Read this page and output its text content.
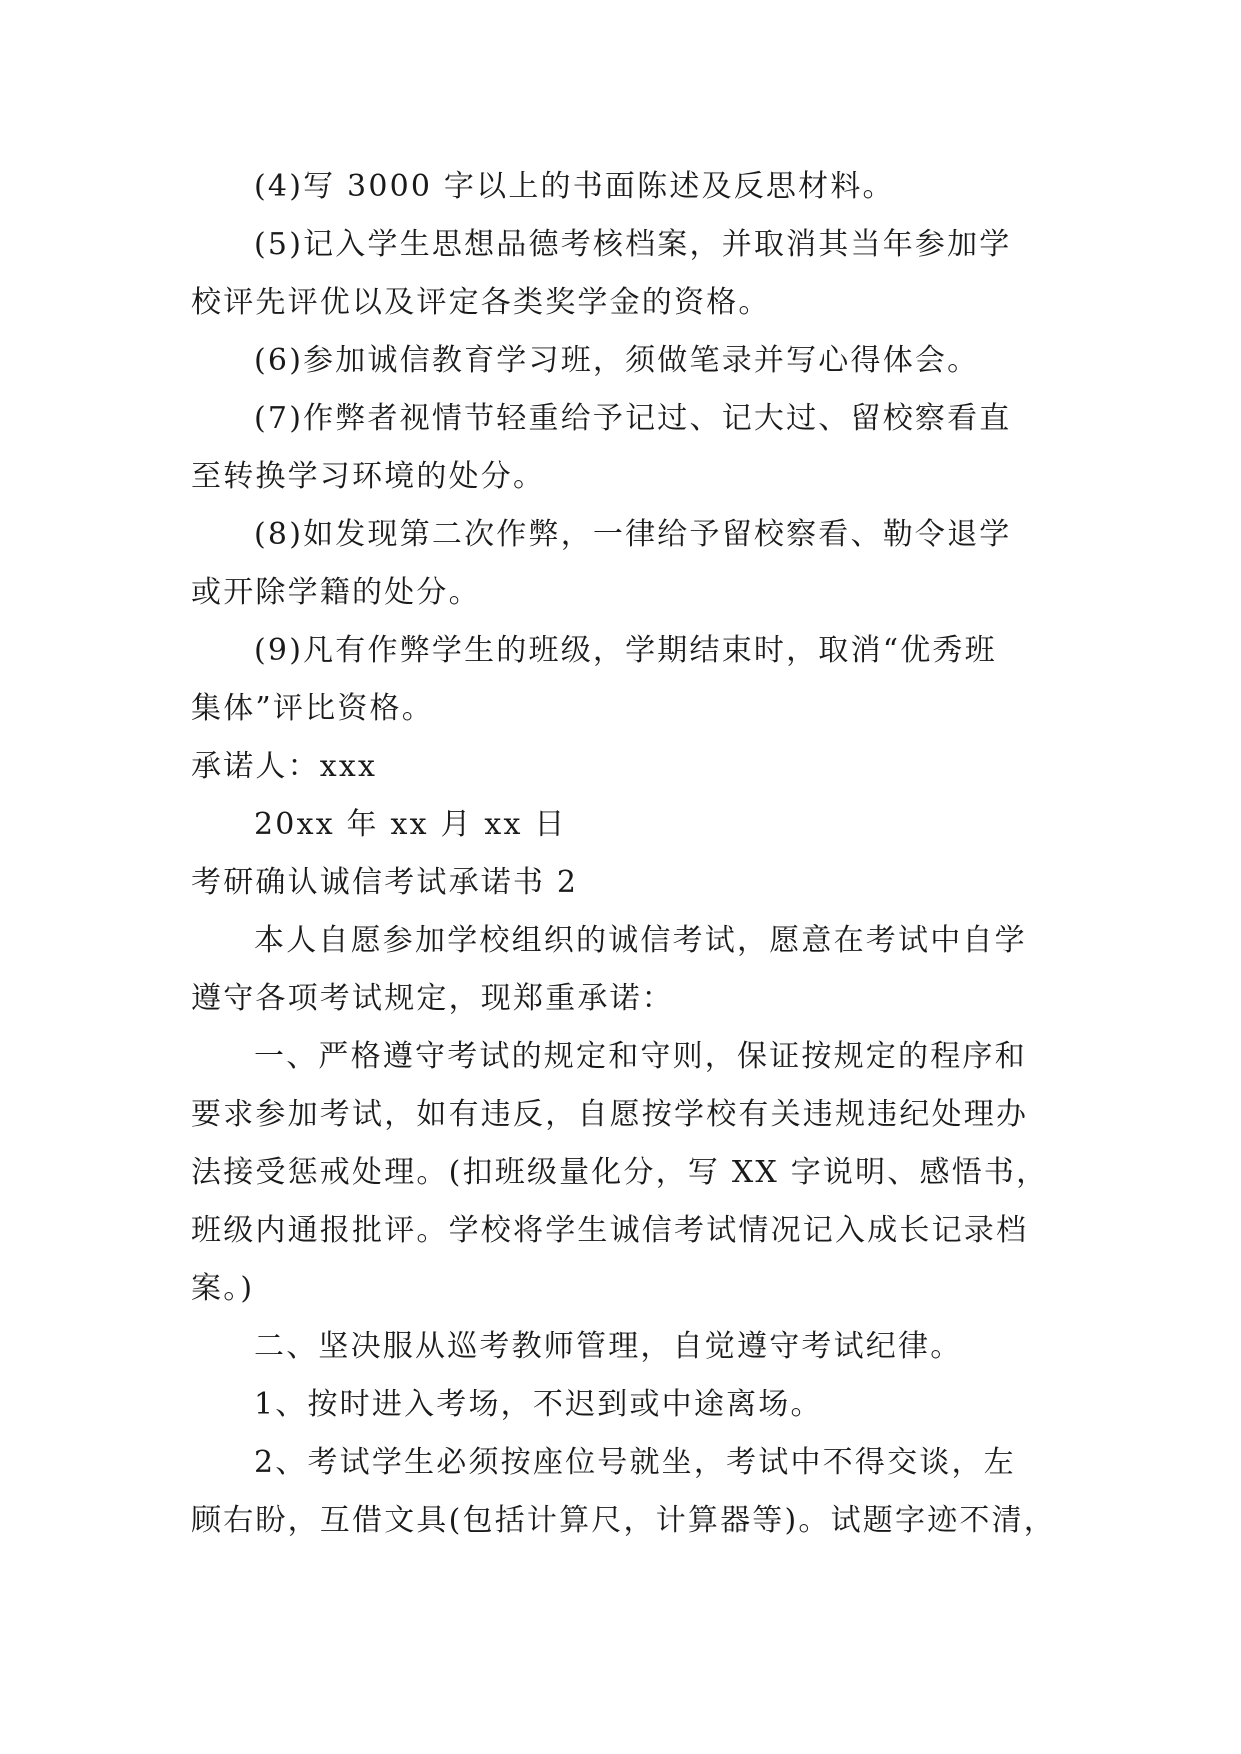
(4)写 3000 字以上的书面陈述及反思材料。
(5)记入学生思想品德考核档案，并取消其当年参加学
校评先评优以及评定各类奖学金的资格。
(6)参加诚信教育学习班，须做笔录并写心得体会。
(7)作弊者视情节轻重给予记过、记大过、留校察看直
至转换学习环境的处分。
(8)如发现第二次作弊，一律给予留校察看、勒令退学
或开除学籍的处分。
(9)凡有作弊学生的班级，学期结束时，取消“优秀班
集体”评比资格。
承诺人：xxx
20xx 年 xx 月 xx 日
考研确认诚信考试承诺书 2
本人自愿参加学校组织的诚信考试，愿意在考试中自学
遵守各项考试规定，现郑重承诺：
一、严格遵守考试的规定和守则，保证按规定的程序和
要求参加考试，如有违反，自愿按学校有关违规违纪处理办
法接受惩戒处理。(扣班级量化分，写 XX 字说明、感悟书，
班级内通报批评。学校将学生诚信考试情况记入成长记录档
案。)
二、坚决服从巡考教师管理，自觉遵守考试纪律。
1、按时进入考场，不迟到或中途离场。
2、考试学生必须按座位号就坐，考试中不得交谈，左
顾右盼，互借文具(包括计算尺，计算器等)。试题字迹不清，
